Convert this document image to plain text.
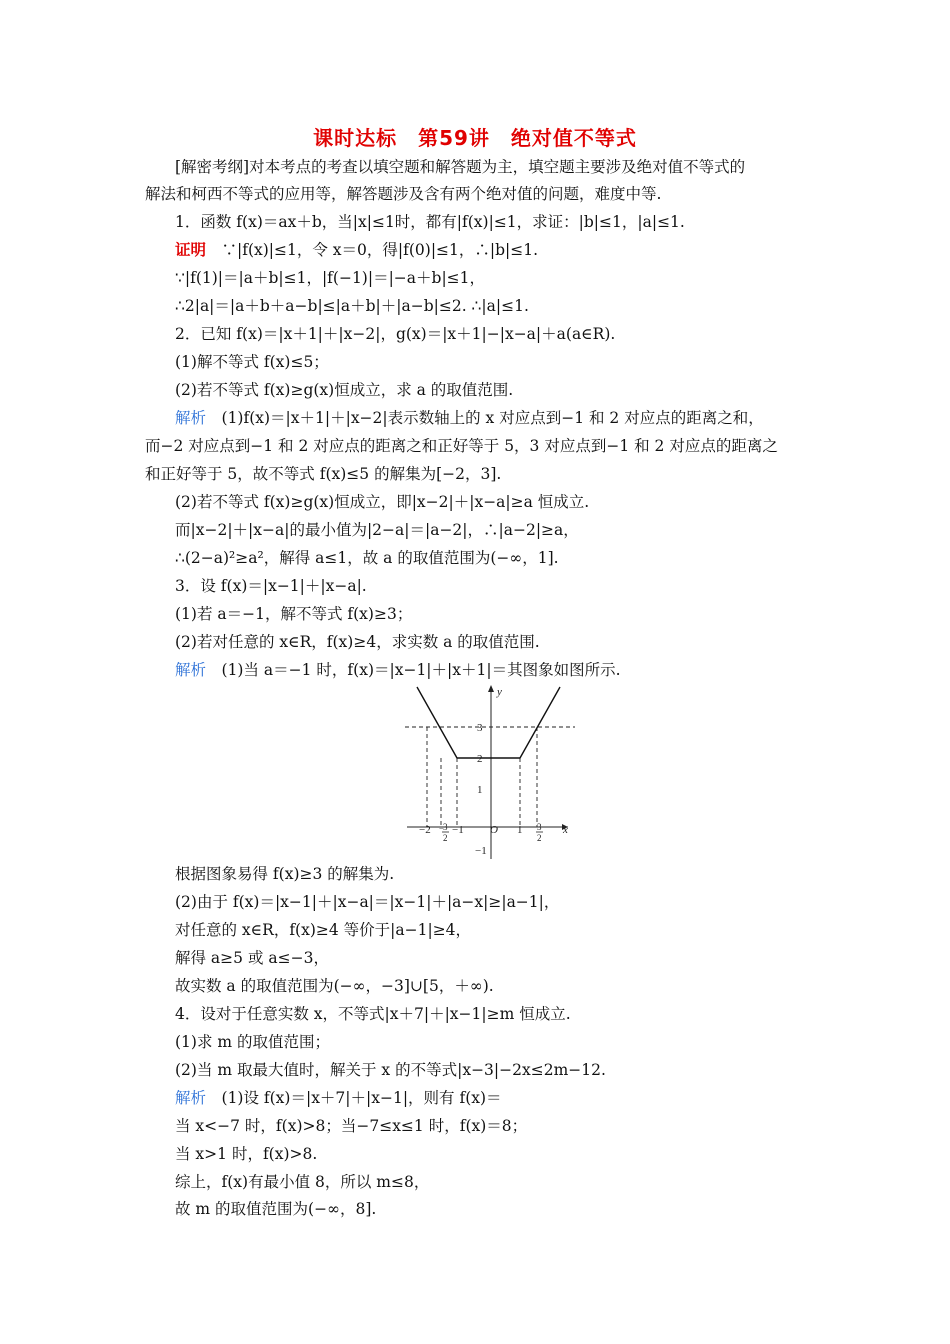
课时达标　第59讲　绝对值不等式
[解密考纲]对本考点的考查以填空题和解答题为主，填空题主要涉及绝对值不等式的
解法和柯西不等式的应用等，解答题涉及含有两个绝对值的问题，难度中等.
1．函数 f(x)＝ax＋b，当|x|≤1时，都有|f(x)|≤1，求证：|b|≤1，|a|≤1.
证明　∵|f(x)|≤1，令 x＝0，得|f(0)|≤1，∴|b|≤1.
∵|f(1)|＝|a＋b|≤1，|f(−1)|＝|−a＋b|≤1，
∴2|a|＝|a＋b＋a−b|≤|a＋b|＋|a−b|≤2. ∴|a|≤1.
2．已知 f(x)＝|x＋1|＋|x−2|，g(x)＝|x＋1|−|x−a|＋a(a∈R).
(1)解不等式 f(x)≤5；
(2)若不等式 f(x)≥g(x)恒成立，求 a 的取值范围.
解析　(1)f(x)＝|x＋1|＋|x−2|表示数轴上的 x 对应点到−1 和 2 对应点的距离之和，
而−2 对应点到−1 和 2 对应点的距离之和正好等于 5，3 对应点到−1 和 2 对应点的距离之
和正好等于 5，故不等式 f(x)≤5 的解集为[−2，3].
(2)若不等式 f(x)≥g(x)恒成立，即|x−2|＋|x−a|≥a 恒成立.
而|x−2|＋|x−a|的最小值为|2−a|＝|a−2|，∴|a−2|≥a，
∴(2−a)²≥a²，解得 a≤1，故 a 的取值范围为(−∞，1].
3．设 f(x)＝|x−1|＋|x−a|.
(1)若 a＝−1，解不等式 f(x)≥3；
(2)若对任意的 x∈R，f(x)≥4，求实数 a 的取值范围.
解析　(1)当 a＝−1 时，f(x)＝|x−1|＋|x＋1|＝其图象如图所示.
根据图象易得 f(x)≥3 的解集为.
(2)由于 f(x)＝|x−1|＋|x−a|＝|x−1|＋|a−x|≥|a−1|，
对任意的 x∈R，f(x)≥4 等价于|a−1|≥4，
解得 a≥5 或 a≤−3，
故实数 a 的取值范围为(−∞，−3]∪[5，＋∞).
4．设对于任意实数 x，不等式|x＋7|＋|x−1|≥m 恒成立.
(1)求 m 的取值范围；
(2)当 m 取最大值时，解关于 x 的不等式|x−3|−2x≤2m−12.
解析　(1)设 f(x)＝|x＋7|＋|x−1|，则有 f(x)＝
当 x<−7 时，f(x)>8；当−7≤x≤1 时，f(x)＝8；
当 x>1 时，f(x)>8.
综上，f(x)有最小值 8，所以 m≤8，
故 m 的取值范围为(−∞，8].
y
x
O
−2 −1	1
3
2
1
−1
− 3
2
3
2
